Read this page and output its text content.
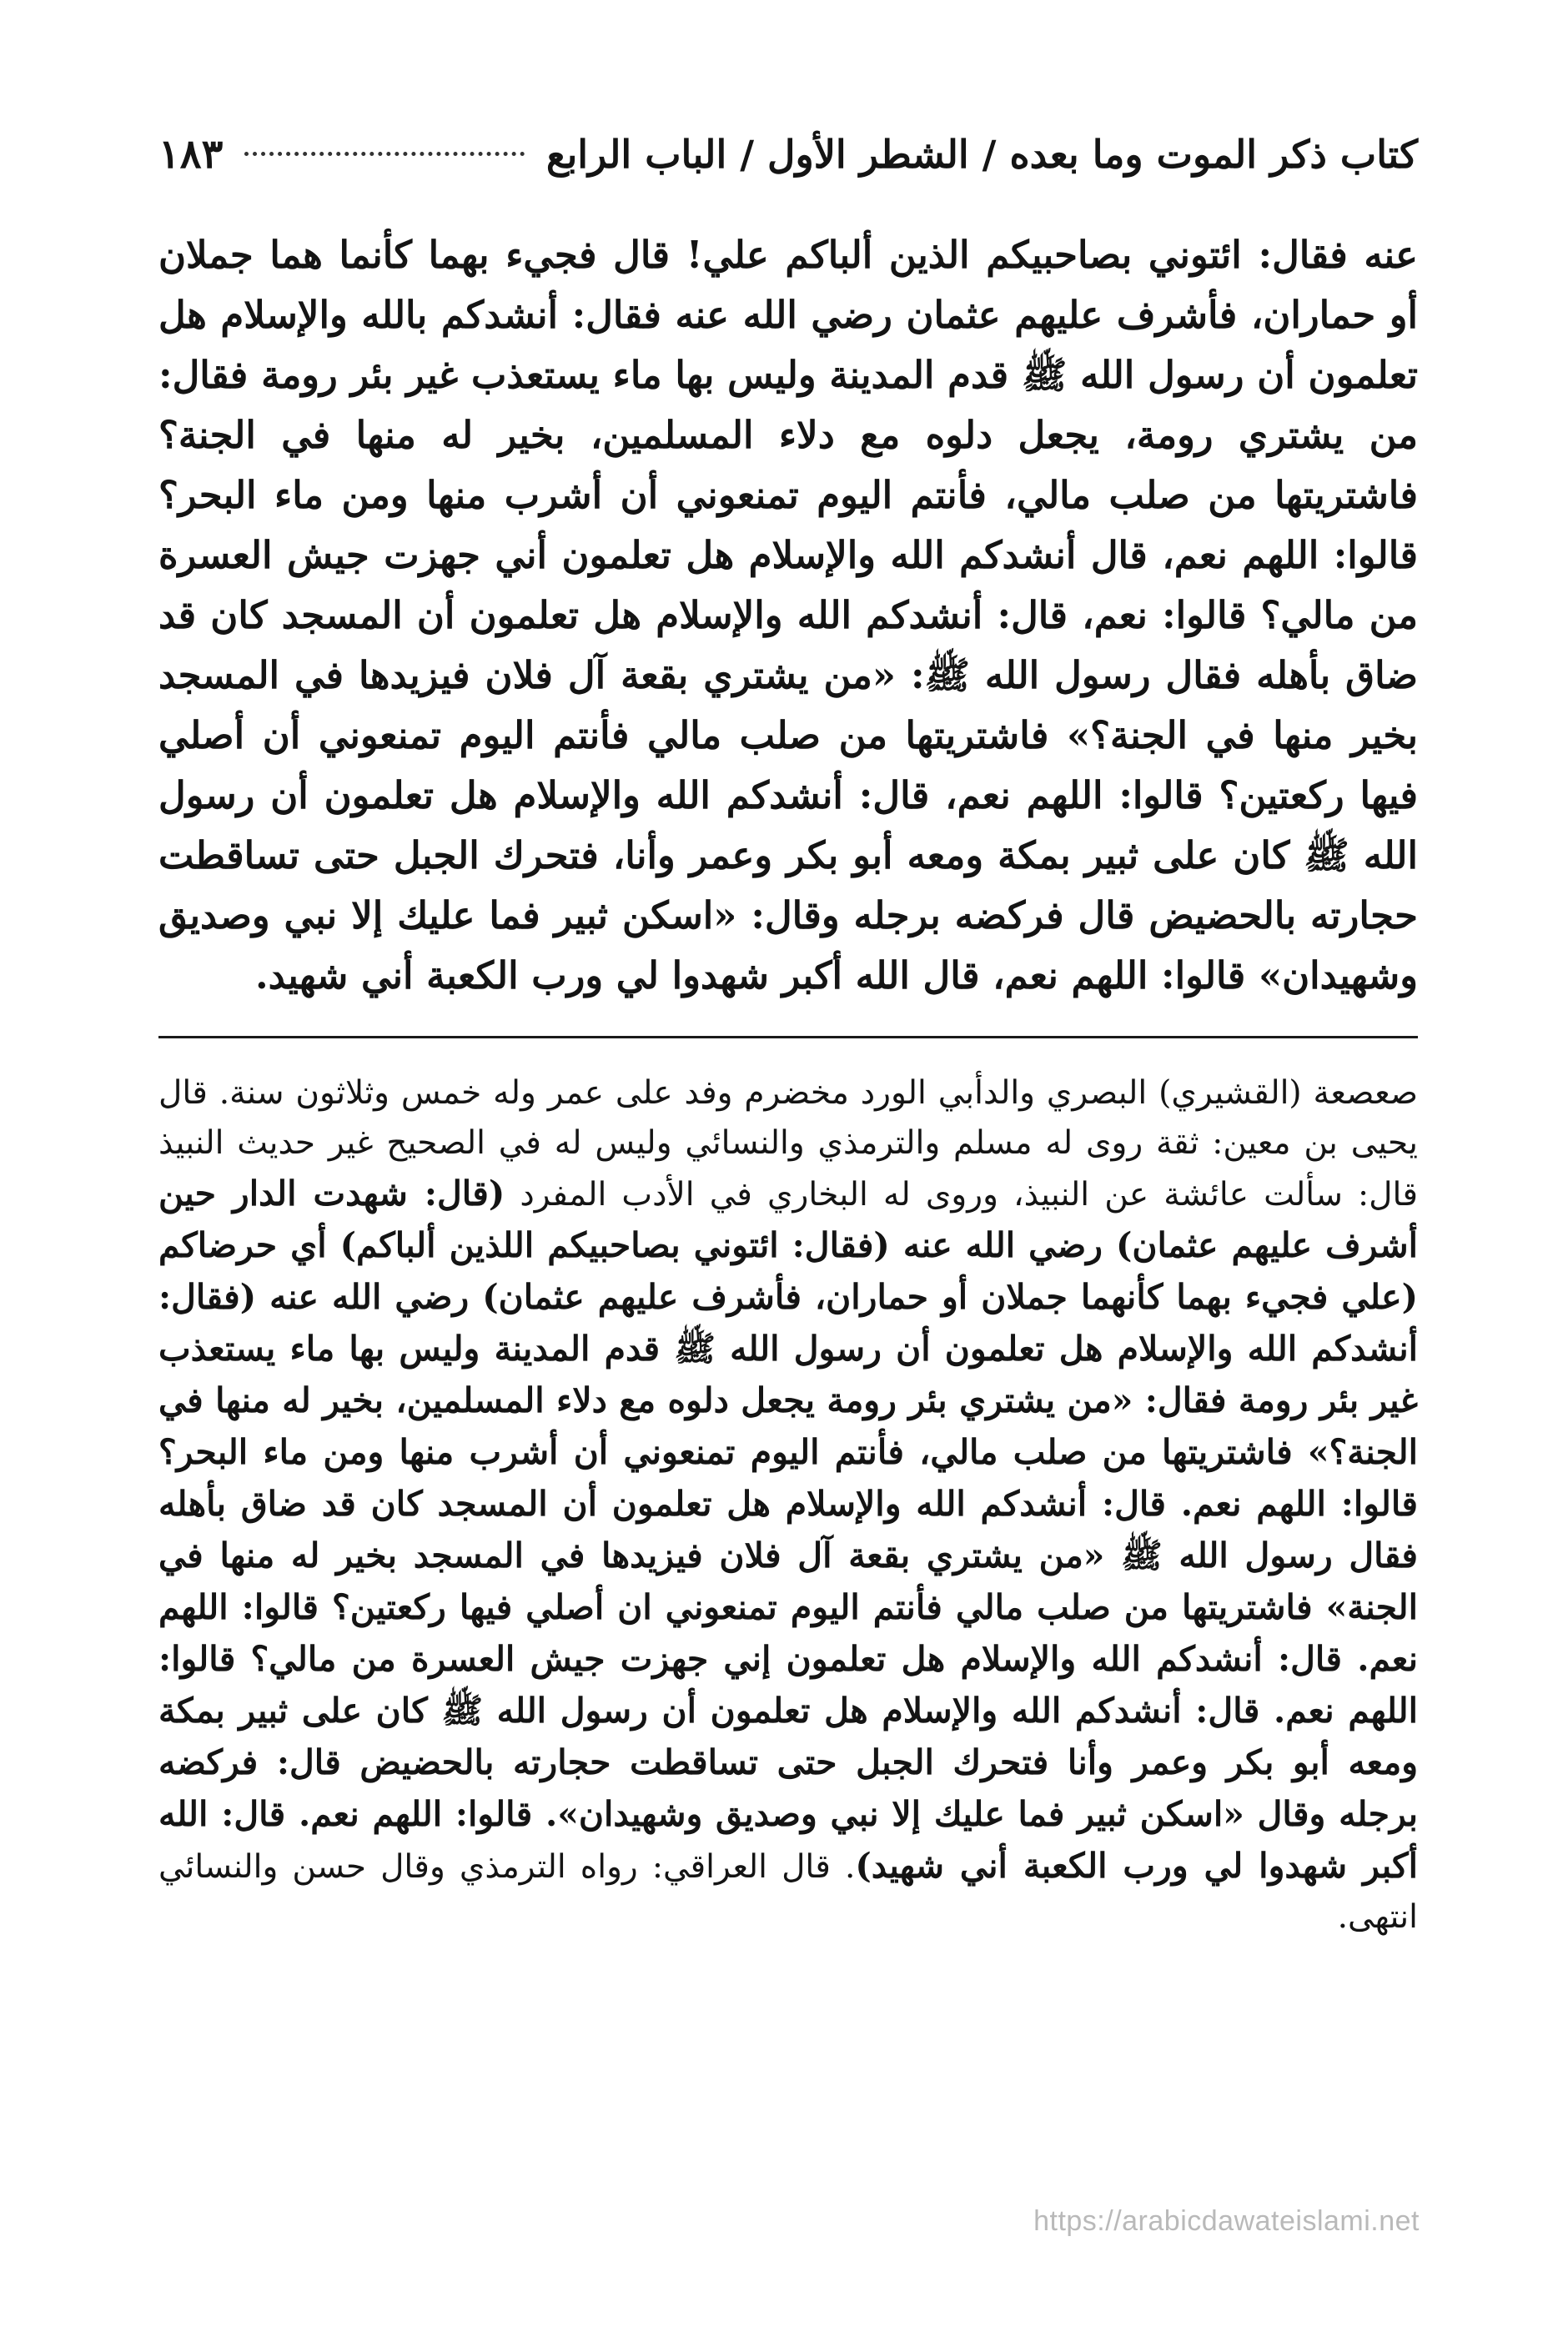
كتاب ذكر الموت وما بعده / الشطر الأول / الباب الرابع
١٨٣

عنه فقال: ائتوني بصاحبيكم الذين ألباكم علي! قال فجيء بهما كأنما هما جملان أو حماران، فأشرف عليهم عثمان رضي الله عنه فقال: أنشدكم بالله والإسلام هل تعلمون أن رسول الله ﷺ قدم المدينة وليس بها ماء يستعذب غير بئر رومة فقال: من يشتري رومة، يجعل دلوه مع دلاء المسلمين، بخير له منها في الجنة؟ فاشتريتها من صلب مالي، فأنتم اليوم تمنعوني أن أشرب منها ومن ماء البحر؟ قالوا: اللهم نعم، قال أنشدكم الله والإسلام هل تعلمون أني جهزت جيش العسرة من مالي؟ قالوا: نعم، قال: أنشدكم الله والإسلام هل تعلمون أن المسجد كان قد ضاق بأهله فقال رسول الله ﷺ: «من يشتري بقعة آل فلان فيزيدها في المسجد بخير منها في الجنة؟» فاشتريتها من صلب مالي فأنتم اليوم تمنعوني أن أصلي فيها ركعتين؟ قالوا: اللهم نعم، قال: أنشدكم الله والإسلام هل تعلمون أن رسول الله ﷺ كان على ثبير بمكة ومعه أبو بكر وعمر وأنا، فتحرك الجبل حتى تساقطت حجارته بالحضيض قال فركضه برجله وقال: «اسكن ثبير فما عليك إلا نبي وصديق وشهيدان» قالوا: اللهم نعم، قال الله أكبر شهدوا لي ورب الكعبة أني شهيد.

صعصعة (القشيري) البصري والدأبي الورد مخضرم وفد على عمر وله خمس وثلاثون سنة. قال يحيى بن معين: ثقة روى له مسلم والترمذي والنسائي وليس له في الصحيح غير حديث النبيذ قال: سألت عائشة عن النبيذ، وروى له البخاري في الأدب المفرد (قال: شهدت الدار حين أشرف عليهم عثمان) رضي الله عنه (فقال: ائتوني بصاحبيكم اللذين ألباكم) أي حرضاكم (علي فجيء بهما كأنهما جملان أو حماران، فأشرف عليهم عثمان) رضي الله عنه (فقال: أنشدكم الله والإسلام هل تعلمون أن رسول الله ﷺ قدم المدينة وليس بها ماء يستعذب غير بئر رومة فقال: «من يشتري بئر رومة يجعل دلوه مع دلاء المسلمين، بخير له منها في الجنة؟» فاشتريتها من صلب مالي، فأنتم اليوم تمنعوني أن أشرب منها ومن ماء البحر؟ قالوا: اللهم نعم. قال: أنشدكم الله والإسلام هل تعلمون أن المسجد كان قد ضاق بأهله فقال رسول الله ﷺ «من يشتري بقعة آل فلان فيزيدها في المسجد بخير له منها في الجنة» فاشتريتها من صلب مالي فأنتم اليوم تمنعوني ان أصلي فيها ركعتين؟ قالوا: اللهم نعم. قال: أنشدكم الله والإسلام هل تعلمون إني جهزت جيش العسرة من مالي؟ قالوا: اللهم نعم. قال: أنشدكم الله والإسلام هل تعلمون أن رسول الله ﷺ كان على ثبير بمكة ومعه أبو بكر وعمر وأنا فتحرك الجبل حتى تساقطت حجارته بالحضيض قال: فركضه برجله وقال «اسكن ثبير فما عليك إلا نبي وصديق وشهيدان». قالوا: اللهم نعم. قال: الله أكبر شهدوا لي ورب الكعبة أني شهيد). قال العراقي: رواه الترمذي وقال حسن والنسائي انتهى.

https://arabicdawateislami.net
